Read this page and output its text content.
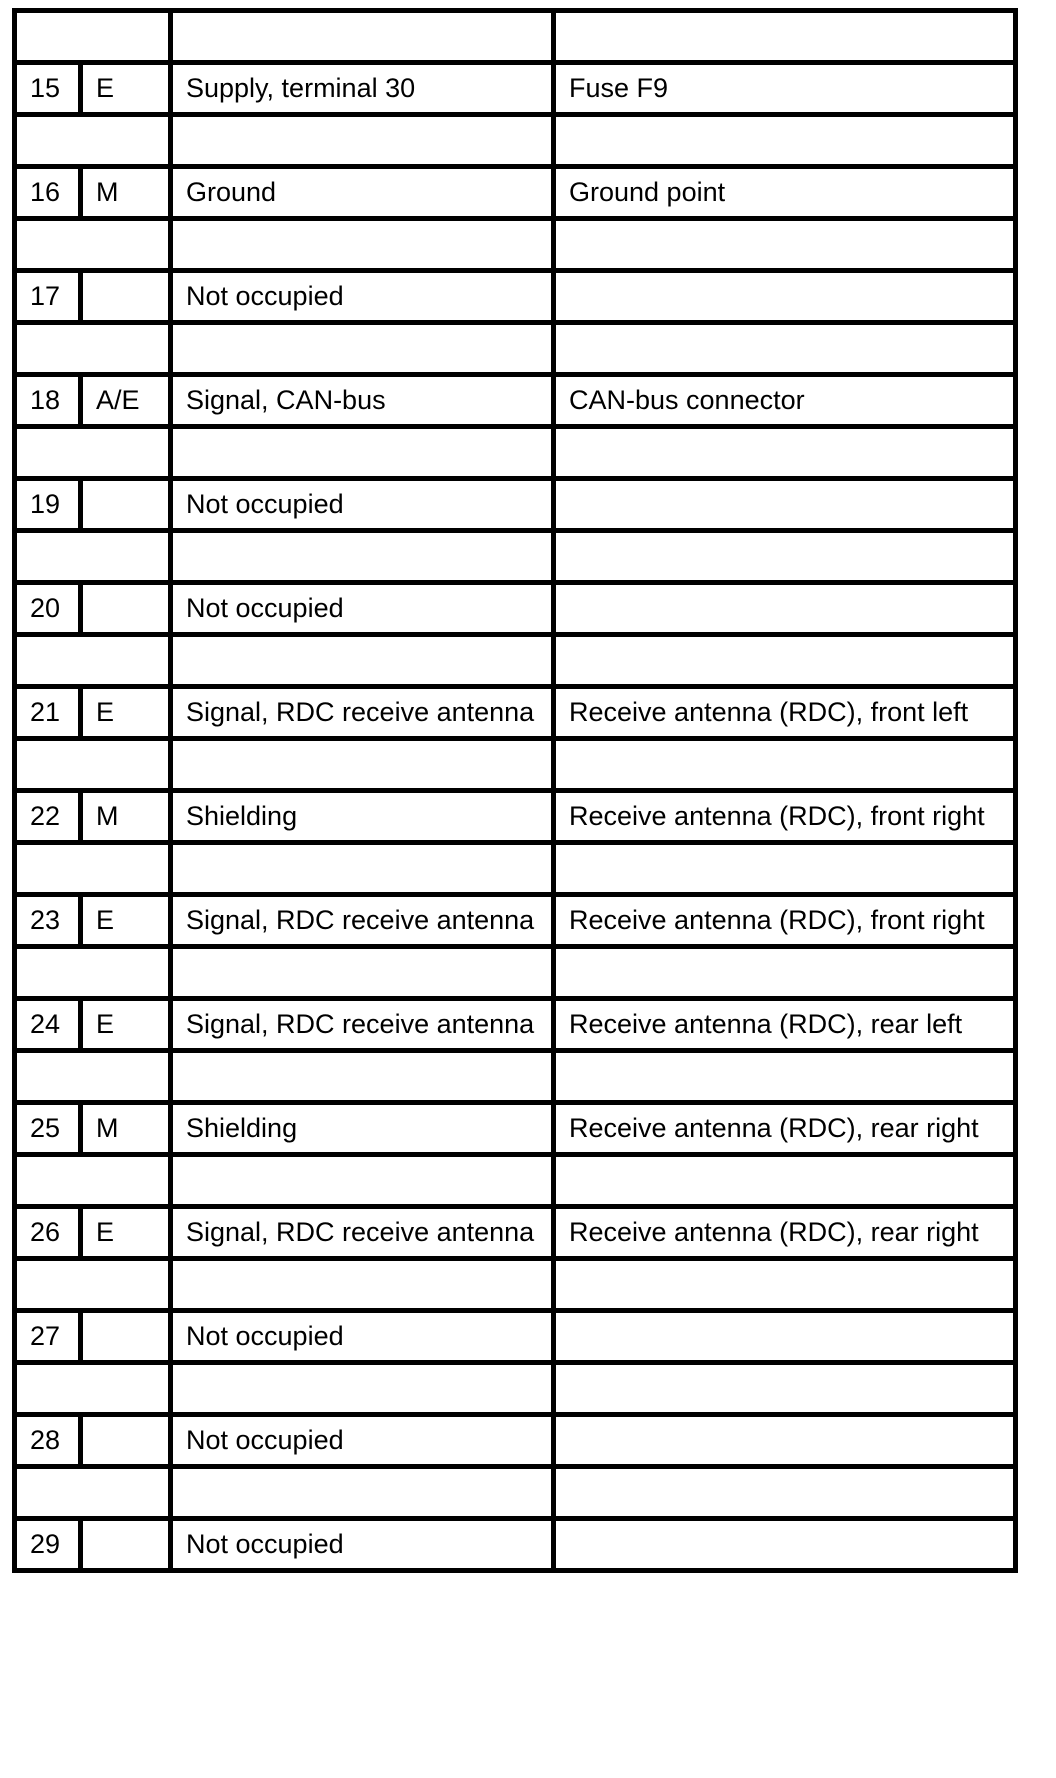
15	E	Supply, terminal 30	Fuse F9

16	M	Ground	Ground point

17		Not occupied	

18	A/E	Signal, CAN-bus	CAN-bus connector

19		Not occupied	

20		Not occupied	

21	E	Signal, RDC receive antenna	Receive antenna (RDC), front left

22	M	Shielding	Receive antenna (RDC), front right

23	E	Signal, RDC receive antenna	Receive antenna (RDC), front right

24	E	Signal, RDC receive antenna	Receive antenna (RDC), rear left

25	M	Shielding	Receive antenna (RDC), rear right

26	E	Signal, RDC receive antenna	Receive antenna (RDC), rear right

27		Not occupied	

28		Not occupied	

29		Not occupied	
